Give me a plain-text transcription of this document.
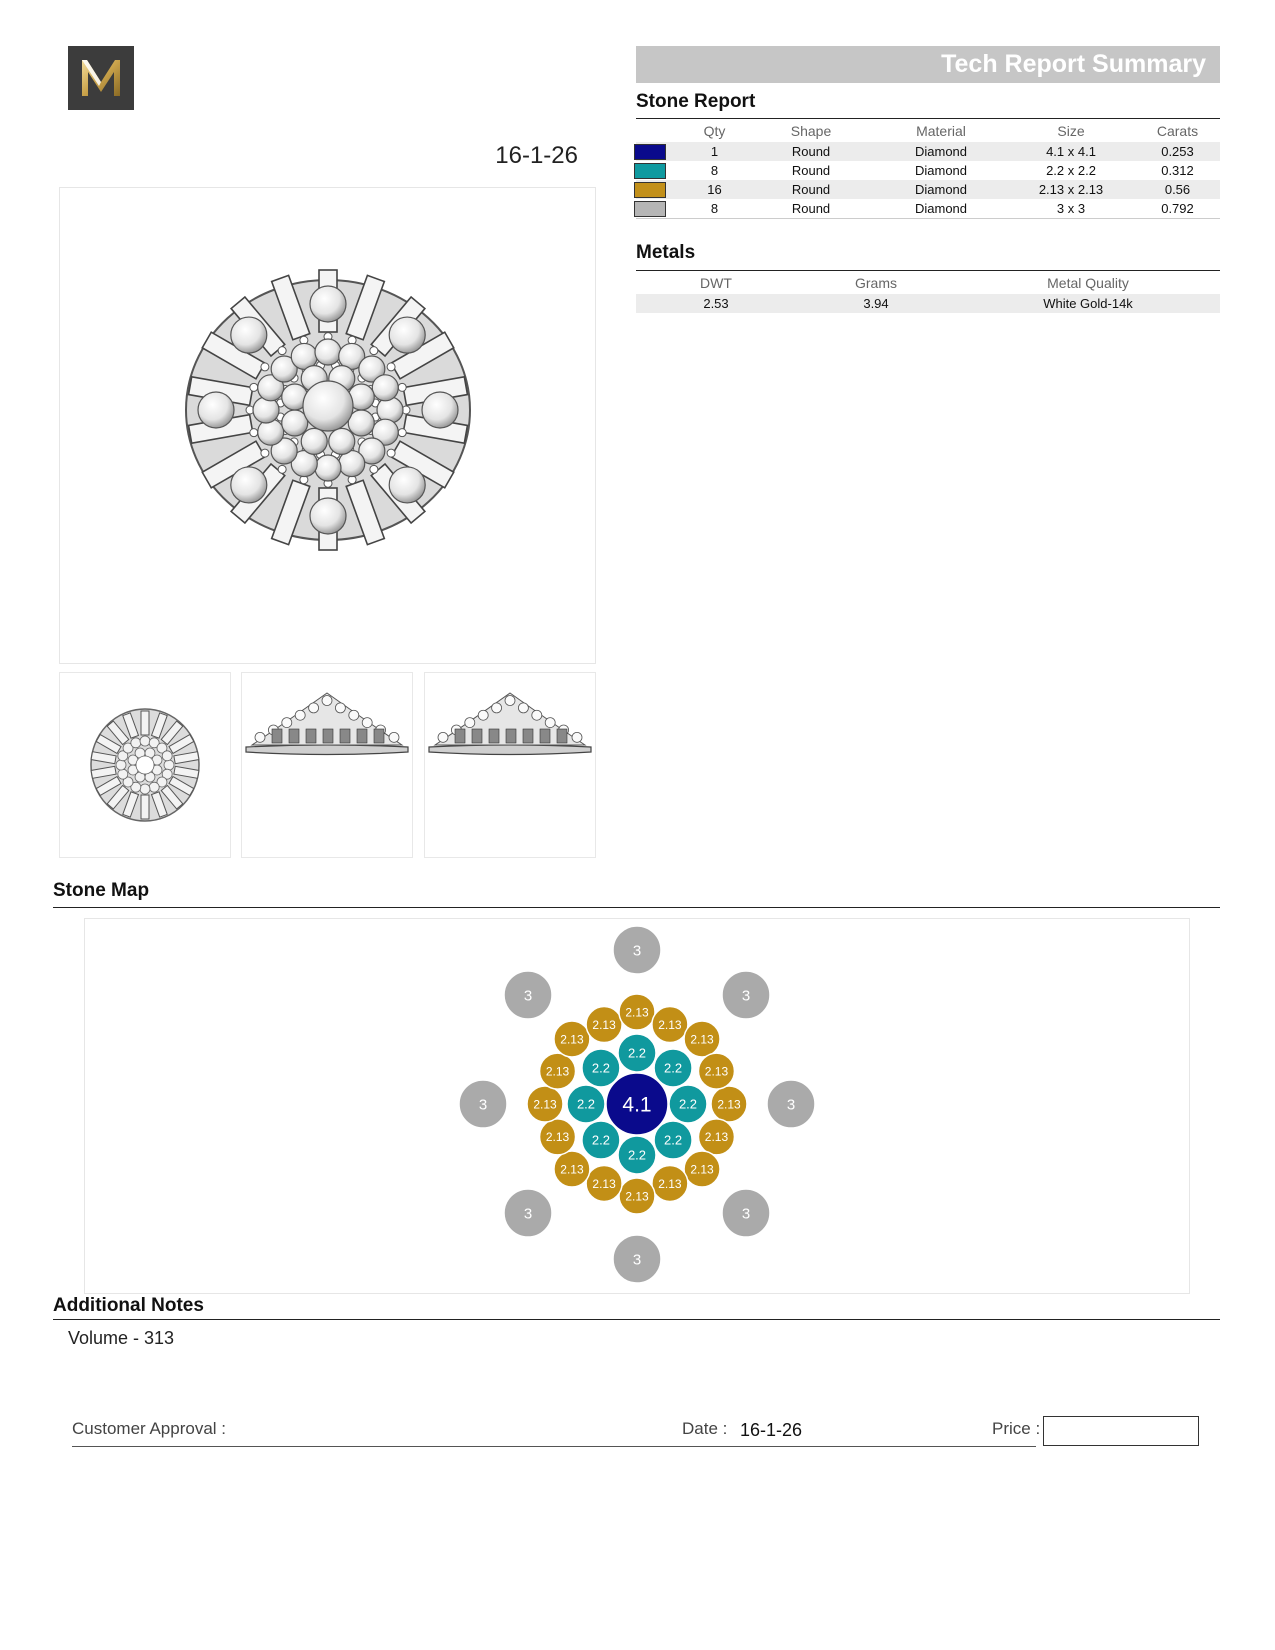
16-1-26
Tech Report Summary
Stone Report
	Qty	Shape	Material	Size	Carats
	1	Round	Diamond	4.1 x 4.1	0.253
	8	Round	Diamond	2.2 x 2.2	0.312
	16	Round	Diamond	2.13 x 2.13	0.56
	8	Round	Diamond	3 x 3	0.792
Metals
DWT	Grams	Metal Quality
2.53	3.94	White Gold-14k
Stone Map
3
3	3
3	3
3	3
3
2.13
2.13
2.13
2.13
2.13
2.13
2.13
2.13
2.13
2.13
2.13
2.13
2.13
2.13
2.13
2.13
2.2
2.2
2.2
2.2
2.2
2.2
2.2
2.2
4.1
Additional Notes
Volume - 313
Customer Approval :	Date : 16-1-26	Price :
